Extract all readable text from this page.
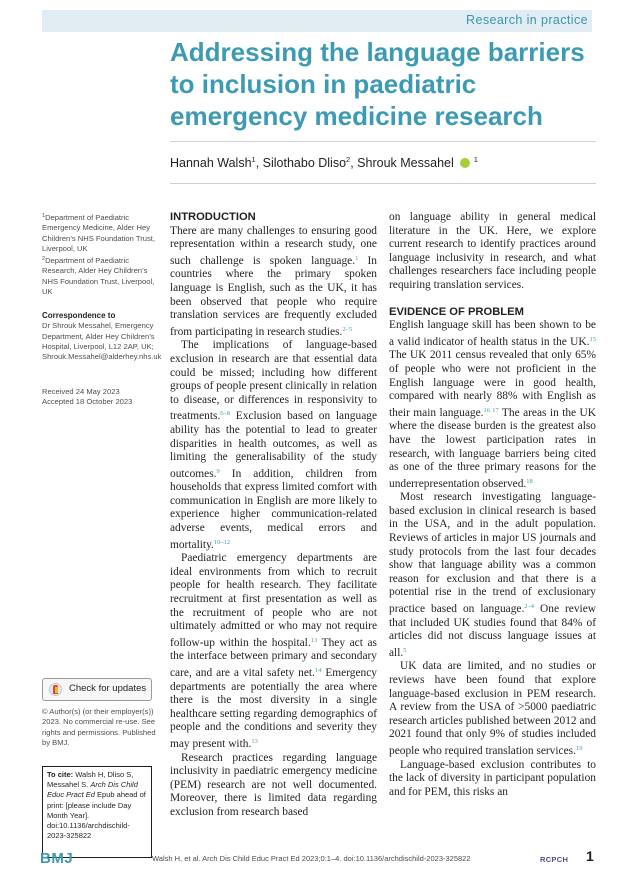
Research in practice
Addressing the language barriers to inclusion in paediatric emergency medicine research
Hannah Walsh$^1$, Silothabo Dliso$^2$, Shrouk Messahel	$^1$

$^1$Department of Paediatric Emergency Medicine, Alder Hey Children’s NHS Foundation Trust, Liverpool, UK

$^2$Department of Paediatric Research, Alder Hey Children’s NHS Foundation Trust, Liverpool, UK

Correspondence to

Dr Shrouk Messahel, Emergency Department, Alder Hey Children’s Hospital, Liverpool, L12 2AP, UK; Shrouk.Messahel@alderhey.nhs.uk

Received 24 May 2023

Accepted 18 October 2023

Check for updates

© Author(s) (or their employer(s)) 2023. No commercial re-use. See rights and permissions. Published by BMJ.

To cite: Walsh H, Dliso S, Messahel S. Arch Dis Child Educ Pract Ed Epub ahead of print: [please include Day Month Year]. doi:10.1136/archdischild-2023-325822

INTRODUCTION

There are many challenges to ensuring good representation within a research study, one such challenge is spoken language.$^1$ In countries where the primary spoken language is English, such as the UK, it has been observed that people who require translation services are frequently excluded from participating in research studies.$^{2-5}$

The implications of language-based exclusion in research are that essential data could be missed; including how different groups of people present clinically in relation to disease, or differences in responsivity to treatments.$^{6-8}$ Exclusion based on language ability has the potential to lead to greater disparities in health outcomes, as well as limiting the generalisability of the study outcomes.$^9$ In addition, children from households that express limited comfort with communication in English are more likely to experience higher communication-related adverse events, medical errors and mortality.$^{10-12}$

Paediatric emergency departments are ideal environments from which to recruit people for health research. They facilitate recruitment at first presentation as well as the recruitment of people who are not ultimately admitted or who may not require follow-up within the hospital.$^{13}$ They act as the interface between primary and secondary care, and are a vital safety net.$^{14}$ Emergency departments are potentially the area where there is the most diversity in a single healthcare setting regarding demographics of people and the conditions and severity they may present with.$^{13}$

Research practices regarding language inclusivity in paediatric emergency medicine (PEM) research are not well documented. Moreover, there is limited data regarding exclusion from research based

on language ability in general medical literature in the UK. Here, we explore current research to identify practices around language inclusivity in research, and what challenges researchers face including people requiring translation services.

EVIDENCE OF PROBLEM

English language skill has been shown to be a valid indicator of health status in the UK.$^{15}$ The UK 2011 census revealed that only 65% of people who were not proficient in the English language were in good health, compared with nearly 88% with English as their main language.$^{16 17}$ The areas in the UK where the disease burden is the greatest also have the lowest participation rates in research, with language barriers being cited as one of the three primary reasons for the underrepresentation observed.$^{18}$

Most research investigating language-based exclusion in clinical research is based in the USA, and in the adult population. Reviews of articles in major US journals and study protocols from the last four decades show that language ability was a common reason for exclusion and that there is a potential rise in the trend of exclusionary practice based on language.$^{2-4}$ One review that included UK studies found that 84% of articles did not discuss language issues at all.$^5$

UK data are limited, and no studies or reviews have been found that explore language-based exclusion in PEM research. A review from the USA of >5000 paediatric research articles published between 2012 and 2021 found that only 9% of studies included people who required translation services.$^{19}$

Language-based exclusion contributes to the lack of diversity in participant population and for PEM, this risks an

BMJ	Walsh H, et al. Arch Dis Child Educ Pract Ed 2023;0:1–4. doi:10.1136/archdischild-2023-325822	RCPCH 1
